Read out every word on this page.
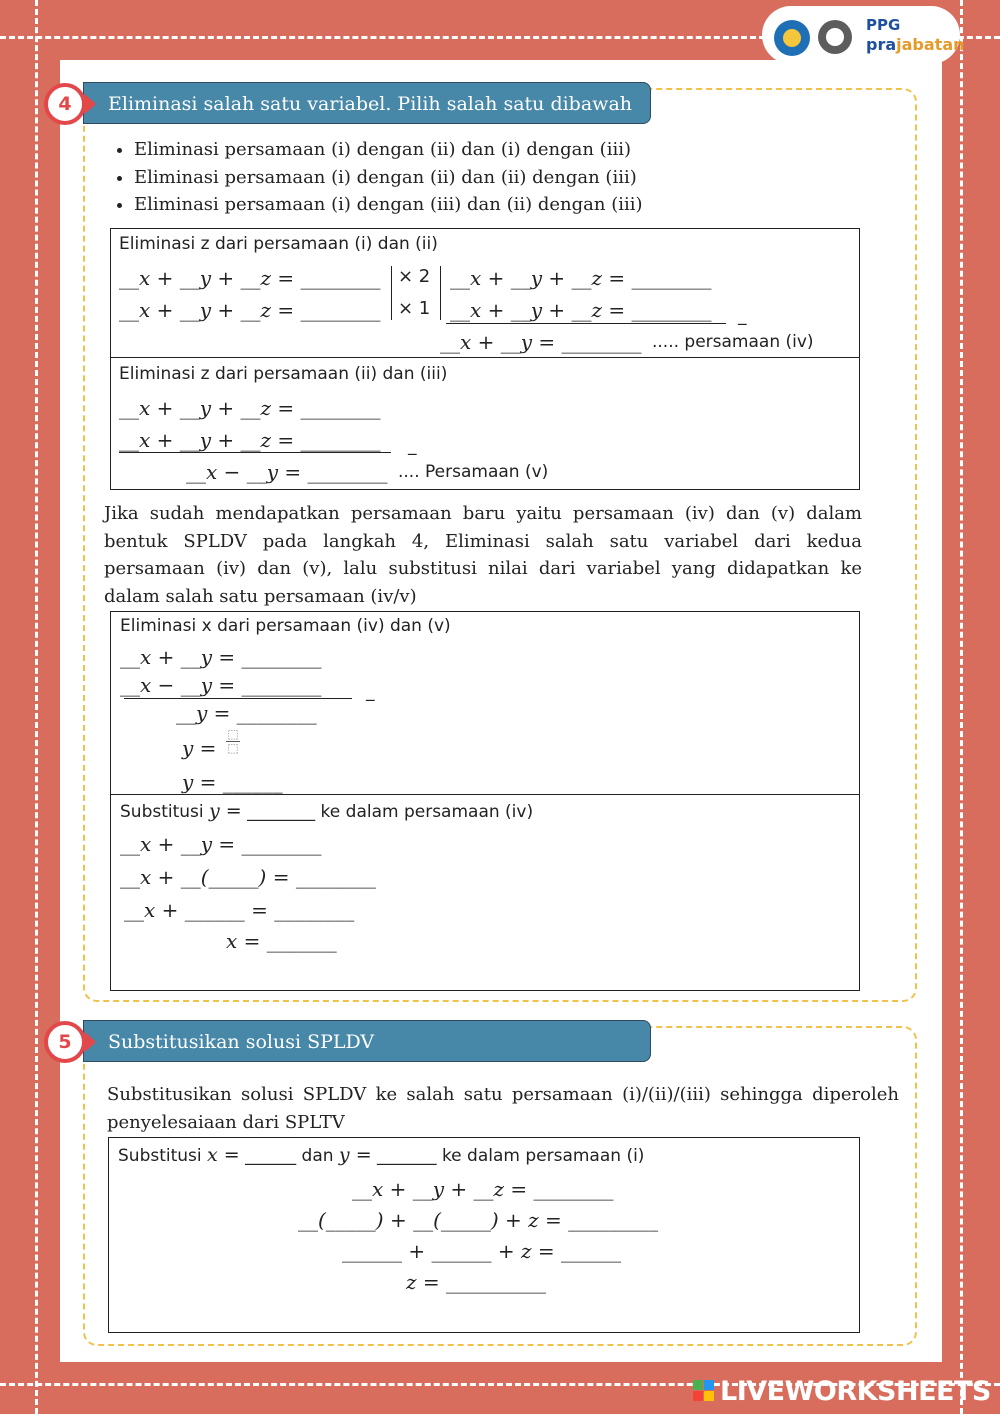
PPG
prajabatan
Eliminasi salah satu variabel. Pilih salah satu dibawah ini!
4
• Eliminasi persamaan (i) dengan (ii) dan (i) dengan (iii)
• Eliminasi persamaan (i) dengan (ii) dan (ii) dengan (iii)
• Eliminasi persamaan (i) dengan (iii) dan (ii) dengan (iii)
Eliminasi z dari persamaan (i) dan (ii)
__x + __y + __z = ________
__x + __y + __z = ________
× 2
× 1
__x + __y + __z = ________
__x + __y + __z = ________ _
__x + __y = ________ ..... persamaan (iv)
Eliminasi z dari persamaan (ii) dan (iii)
__x + __y + __z = ________
__x + __y + __z = ________ _
__x − __y = ________ .... Persamaan (v)
Jika sudah mendapatkan persamaan baru yaitu persamaan (iv) dan (v) dalam bentuk SPLDV pada langkah 4, Eliminasi salah satu variabel dari kedua persamaan (iv) dan (v), lalu substitusi nilai dari variabel yang didapatkan ke dalam salah satu persamaan (iv/v)
Eliminasi x dari persamaan (iv) dan (v)
__x + __y = ________
__x − __y = ________	_
__y = ________
y =
⬚
⬚
y = ______
Substitusi y = ________ ke dalam persamaan (iv)
__x + __y = ________
__x + __(_____) = ________
__x + ______ = ________
x = _______
Substitusikan solusi SPLDV
5
Substitusikan solusi SPLDV ke salah satu persamaan (i)/(ii)/(iii) sehingga diperoleh penyelesaiaan dari SPLTV
Substitusi x = ______ dan y = _______ ke dalam persamaan (i)
__x + __y + __z = ________
__(_____) + __(_____) + z = _________
______ + ______ + z = ______
z = __________
LIVEWORKSHEETS
